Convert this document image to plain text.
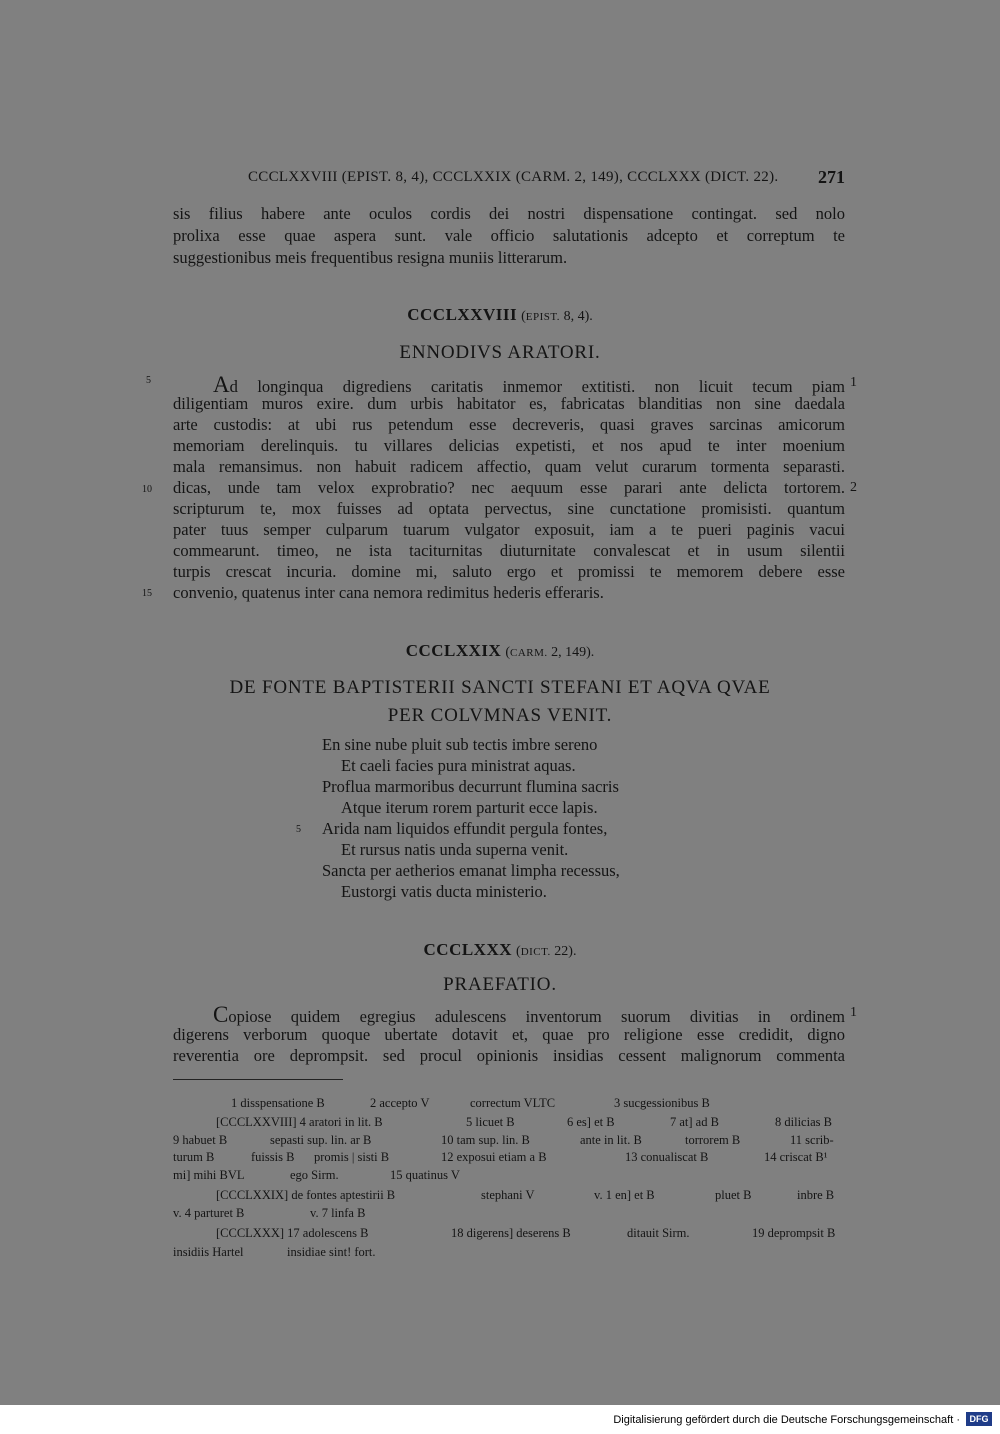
CCCLXXVIII (EPIST. 8, 4), CCCLXXIX (CARM. 2, 149), CCCLXXX (DICT. 22). 271
sis filius habere ante oculos cordis dei nostri dispensatione contingat. sed nolo
prolixa esse quae aspera sunt. vale officio salutationis adcepto et correptum te
suggestionibus meis frequentibus resigna muniis litterarum.
CCCLXXVIII (EPIST. 8, 4).
ENNODIVS ARATORI.
Ad longinqua digrediens caritatis inmemor extitisti. non licuit tecum piam
diligentiam muros exire. dum urbis habitator es, fabricatas blanditias non sine daedala
arte custodis: at ubi rus petendum esse decreveris, quasi graves sarcinas amicorum
memoriam derelinquis. tu villares delicias expetisti, et nos apud te inter moenium
mala remansimus. non habuit radicem affectio, quam velut curarum tormenta separasti.
dicas, unde tam velox exprobratio? nec aequum esse parari ante delicta tortorem.
scripturum te, mox fuisses ad optata pervectus, sine cunctatione promisisti. quantum
pater tuus semper culparum tuarum vulgator exposuit, iam a te pueri paginis vacui
commearunt. timeo, ne ista taciturnitas diuturnitate convalescat et in usum silentii
turpis crescat incuria. domine mi, saluto ergo et promissi te memorem debere esse
convenio, quatenus inter cana nemora redimitus hederis efferaris.
5
10
15
1
2
CCCLXXIX (CARM. 2, 149).
DE FONTE BAPTISTERII SANCTI STEFANI ET AQVA QVAE
PER COLVMNAS VENIT.
En sine nube pluit sub tectis imbre sereno
Et caeli facies pura ministrat aquas.
Proflua marmoribus decurrunt flumina sacris
Atque iterum rorem parturit ecce lapis.
Arida nam liquidos effundit pergula fontes,
Et rursus natis unda superna venit.
Sancta per aetherios emanat limpha recessus,
Eustorgi vatis ducta ministerio.
5
CCCLXXX (DICT. 22).
PRAEFATIO.
Copiose quidem egregius adulescens inventorum suorum divitias in ordinem
digerens verborum quoque ubertate dotavit et, quae pro religione esse credidit, digno
reverentia ore deprompsit. sed procul opinionis insidias cessent malignorum commenta
1
1 disspensatione B	2 accepto V	correctum VLTC	3 sucgessionibus B
[CCCLXXVIII] 4 aratori in lit. B	5 licuet B	6 es] et B	7 at] ad B	8 dilicias B
9 habuet B	sepasti sup. lin. ar B	10 tam sup. lin. B	ante in lit. B	torrorem B	11 scrib-
turum B	fuissis B promis | sisti B	12 exposui etiam a B	13 conualiscat B	14 criscat B¹
mi] mihi BVL	ego Sirm.	15 quatinus V
[CCCLXXIX] de fontes aptestirii B	stephani V	v. 1 en] et B	pluet B	inbre B
v. 4 parturet B	v. 7 linfa B
[CCCLXXX] 17 adolescens B	18 digerens] deserens B	ditauit Sirm.	19 deprompsit B
insidiis Hartel	insidiae sint! fort.
Digitalisierung gefördert durch die Deutsche Forschungsgemeinschaft ·	DFG
